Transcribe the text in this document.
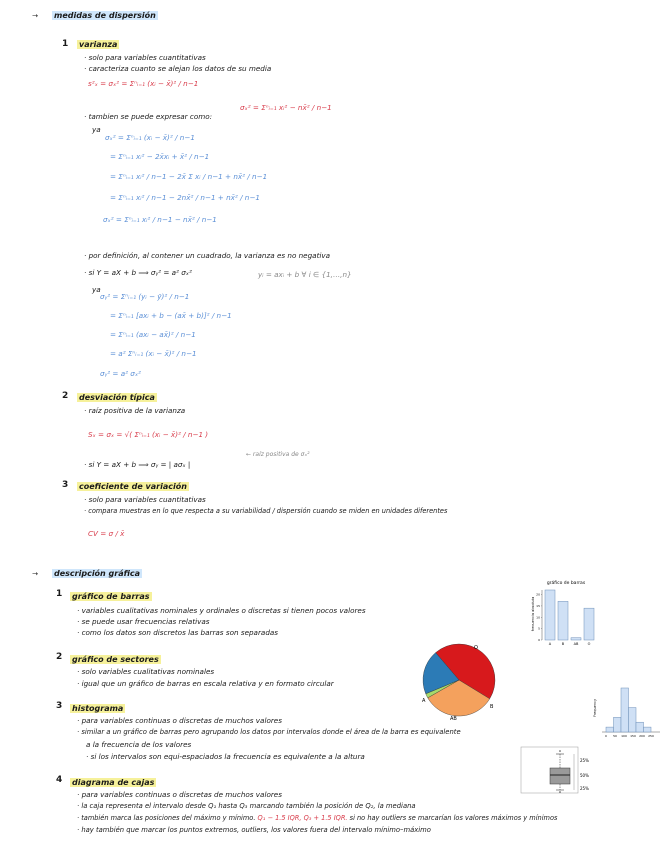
→ medidas de dispersión
1 varianza
· solo para variables cuantitativas
· caracteriza cuanto se alejan los datos de su media
s²ₓ = σₓ² = Σⁿᵢ₌₁ (xᵢ − x̄)² / n−1
· tambien se puede expresar como:
σₓ² = Σⁿᵢ₌₁ xᵢ² − nx̄² / n−1
ya
σₓ² = Σⁿᵢ₌₁ (xᵢ − x̄)² / n−1
= Σⁿᵢ₌₁ xᵢ² − 2x̄xᵢ + x̄² / n−1
= Σⁿᵢ₌₁ xᵢ² / n−1 − 2x̄ Σ xᵢ / n−1 + nx̄² / n−1
= Σⁿᵢ₌₁ xᵢ² / n−1 − 2nx̄² / n−1 + nx̄² / n−1
σₓ² = Σⁿᵢ₌₁ xᵢ² / n−1 − nx̄² / n−1
· por definición, al contener un cuadrado, la varianza es no negativa
· si Y = aX + b ⟹ σᵧ² = a² σₓ²	yᵢ = axᵢ + b ∀ i ∈ {1,…,n}
ya
σᵧ² = Σⁿᵢ₌₁ (yᵢ − ȳ)² / n−1
= Σⁿᵢ₌₁ [axᵢ + b − (ax̄ + b)]² / n−1
= Σⁿᵢ₌₁ (axᵢ − ax̄)² / n−1
= a² Σⁿᵢ₌₁ (xᵢ − x̄)² / n−1
σᵧ² = a² σₓ²
2 desviación típica
· raíz positiva de la varianza
Sₓ = σₓ = √( Σⁿᵢ₌₁ (xᵢ − x̄)² / n−1 )
· si Y = aX + b ⟹ σᵧ = | aσₓ |
← raíz positiva de σₓ²
3 coeficiente de variación
· solo para variables cuantitativas
· compara muestras en lo que respecta a su variabilidad / dispersión cuando se miden en unidades diferentes
CV = σ / x̄
→ descripción gráfica
1 gráfico de barras
· variables cualitativas nominales y ordinales o discretas si tienen pocos valores
· se puede usar frecuencias relativas
· como los datos son discretos las barras son separadas
2 gráfico de sectores
· solo variables cualitativas nominales
· igual que un gráfico de barras en escala relativa y en formato circular
3 histograma
· para variables continuas o discretas de muchos valores
· similar a un gráfico de barras pero agrupando los datos por intervalos donde el área de la barra es equivalente
a la frecuencia de los valores
· si los intervalos son equi-espaciados la frecuencia es equivalente a la altura
4 diagrama de cajas
· para variables continuas o discretas de muchos valores
· la caja representa el intervalo desde Q₁ hasta Q₃ marcando también la posición de Q₂, la mediana
· también marca las posiciones del máximo y mínimo. Q₁ − 1.5 IQR, Q₃ + 1.5 IQR. si no hay outliers se marcarían los valores máximos y mínimos
· hay también que marcar los puntos extremos, outliers, los valores fuera del intervalo mínimo–máximo
gráfico de barras
frecuencia absoluta
0
5
10
15
20
A	B	AB	O
O
A
AB
B	Frequency
0 50 100 150 200 250
25%
50%
25%
